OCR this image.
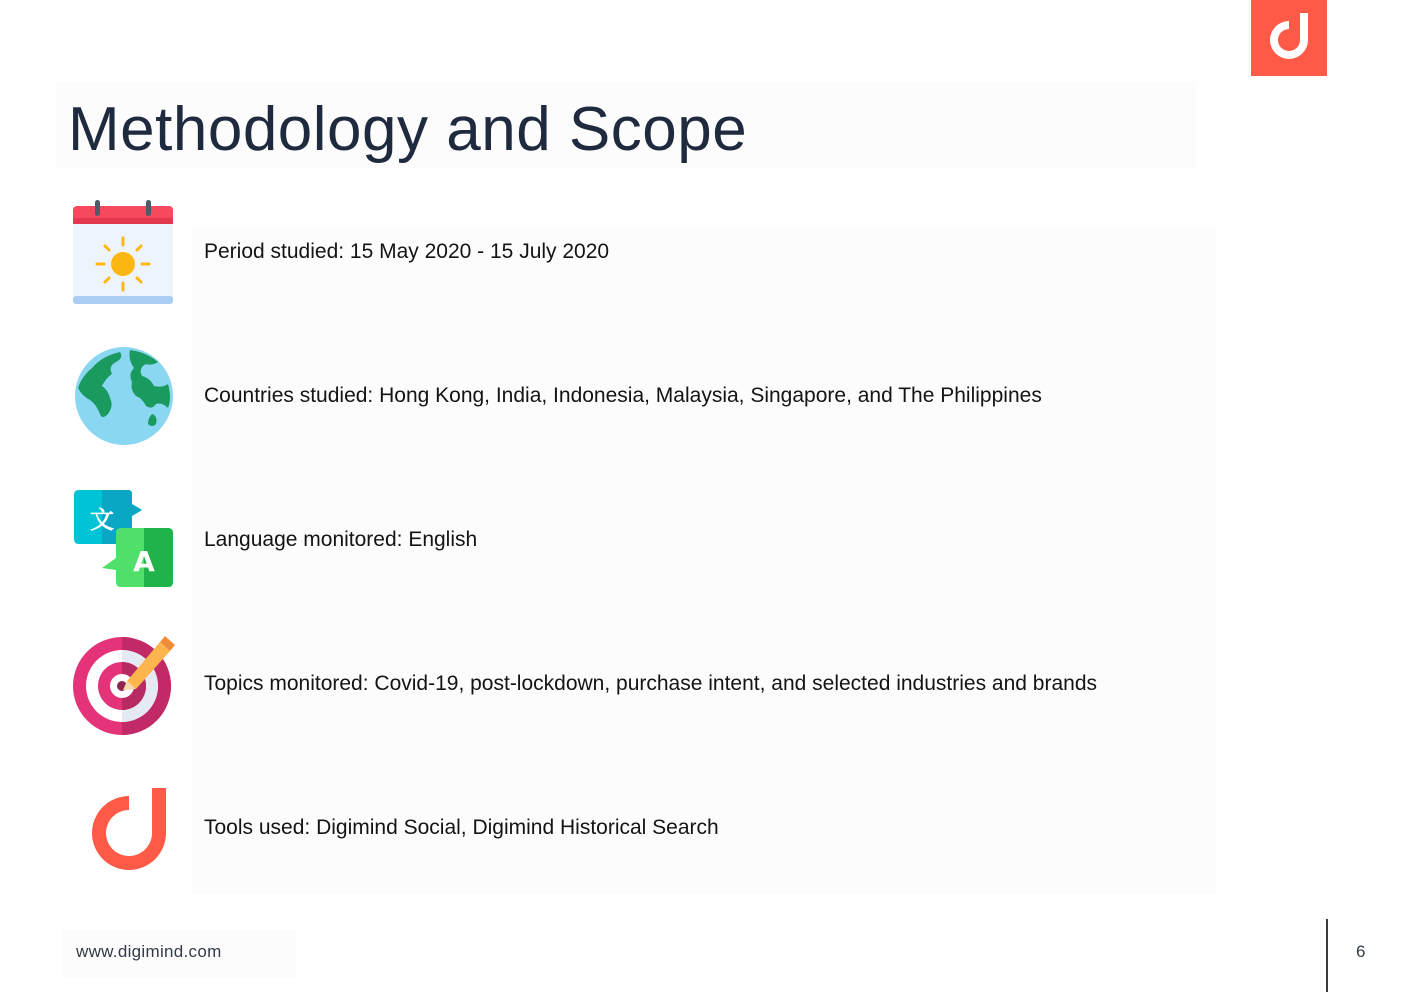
Methodology and Scope
Period studied: 15 May 2020 - 15 July 2020
Countries studied: Hong Kong, India, Indonesia, Malaysia, Singapore, and The Philippines
文
A
Language monitored: English
Topics monitored: Covid-19, post-lockdown, purchase intent, and selected industries and brands
Tools used: Digimind Social, Digimind Historical Search
www.digimind.com	6
